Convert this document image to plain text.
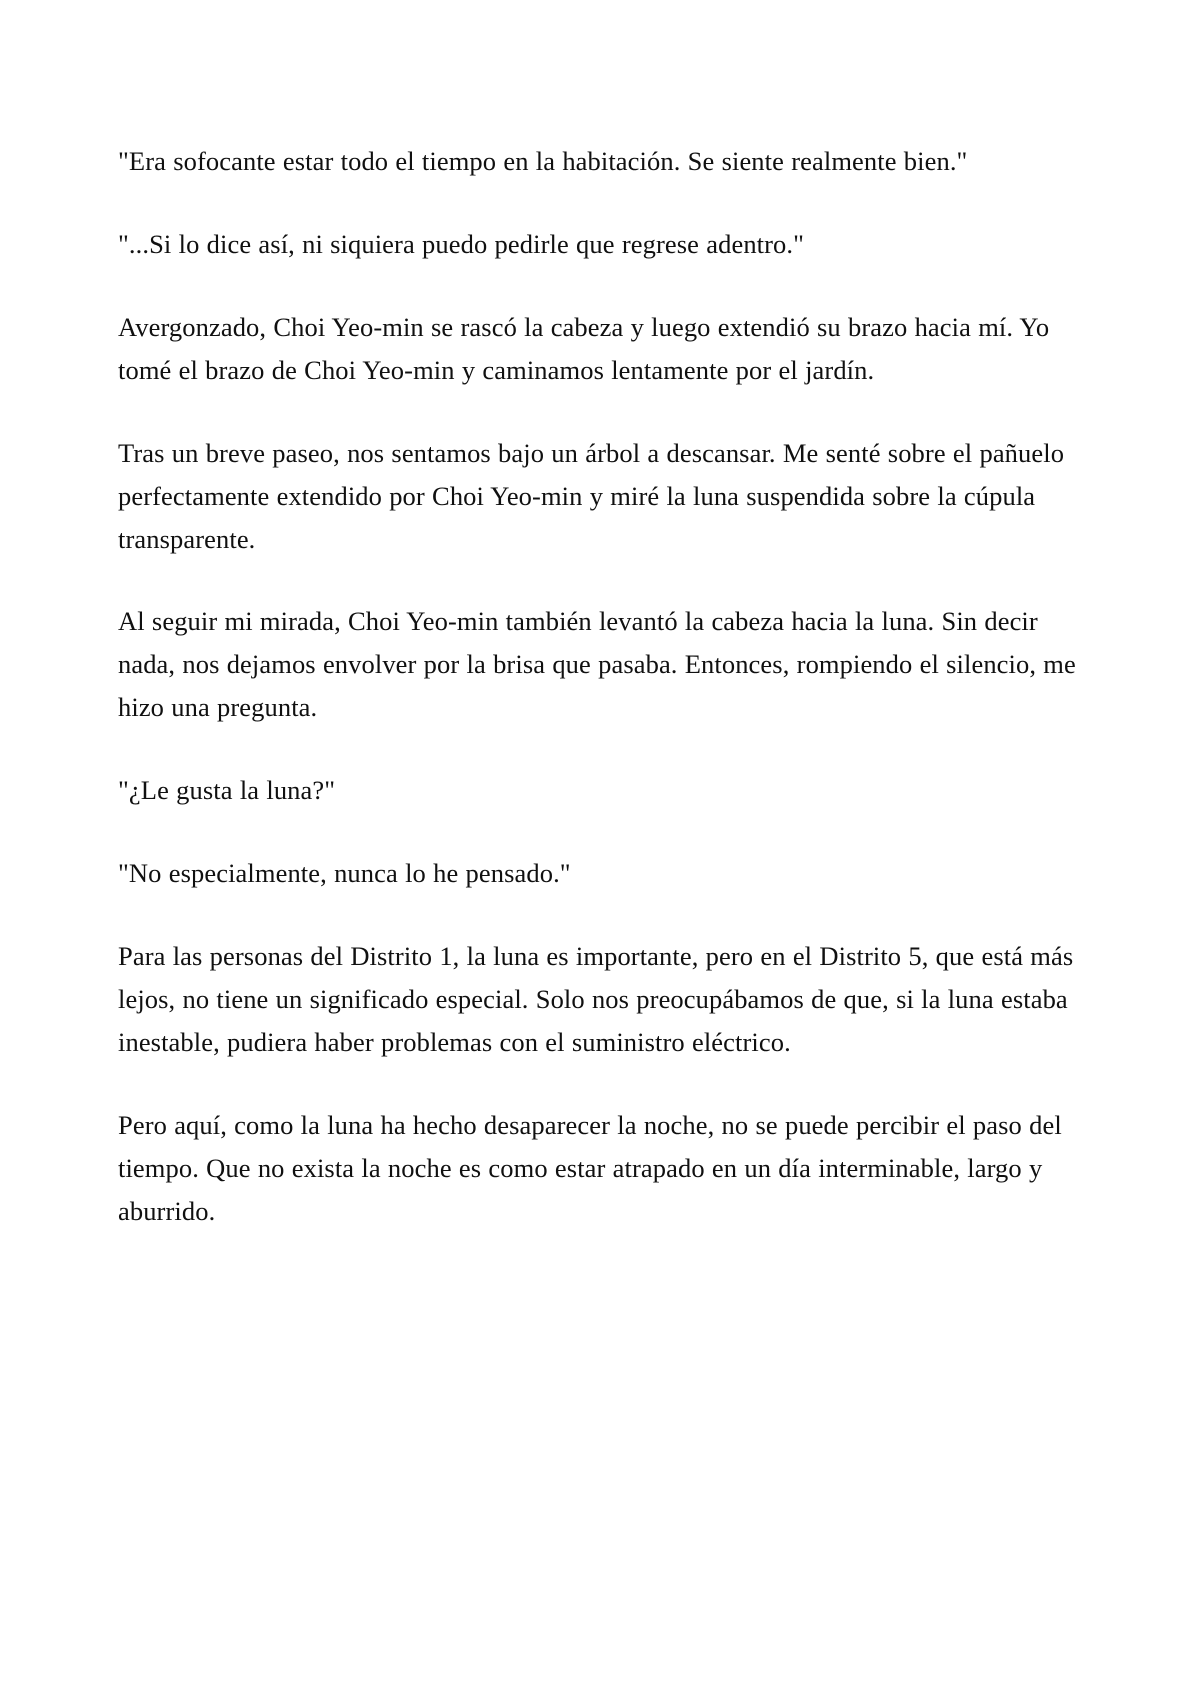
"Era sofocante estar todo el tiempo en la habitación. Se siente realmente bien."

"...Si lo dice así, ni siquiera puedo pedirle que regrese adentro."

Avergonzado, Choi Yeo-min se rascó la cabeza y luego extendió su brazo hacia mí. Yo tomé el brazo de Choi Yeo-min y caminamos lentamente por el jardín.

Tras un breve paseo, nos sentamos bajo un árbol a descansar. Me senté sobre el pañuelo perfectamente extendido por Choi Yeo-min y miré la luna suspendida sobre la cúpula transparente.

Al seguir mi mirada, Choi Yeo-min también levantó la cabeza hacia la luna. Sin decir nada, nos dejamos envolver por la brisa que pasaba. Entonces, rompiendo el silencio, me hizo una pregunta.

"¿Le gusta la luna?"

"No especialmente, nunca lo he pensado."

Para las personas del Distrito 1, la luna es importante, pero en el Distrito 5, que está más lejos, no tiene un significado especial. Solo nos preocupábamos de que, si la luna estaba inestable, pudiera haber problemas con el suministro eléctrico.

Pero aquí, como la luna ha hecho desaparecer la noche, no se puede percibir el paso del tiempo. Que no exista la noche es como estar atrapado en un día interminable, largo y aburrido.
